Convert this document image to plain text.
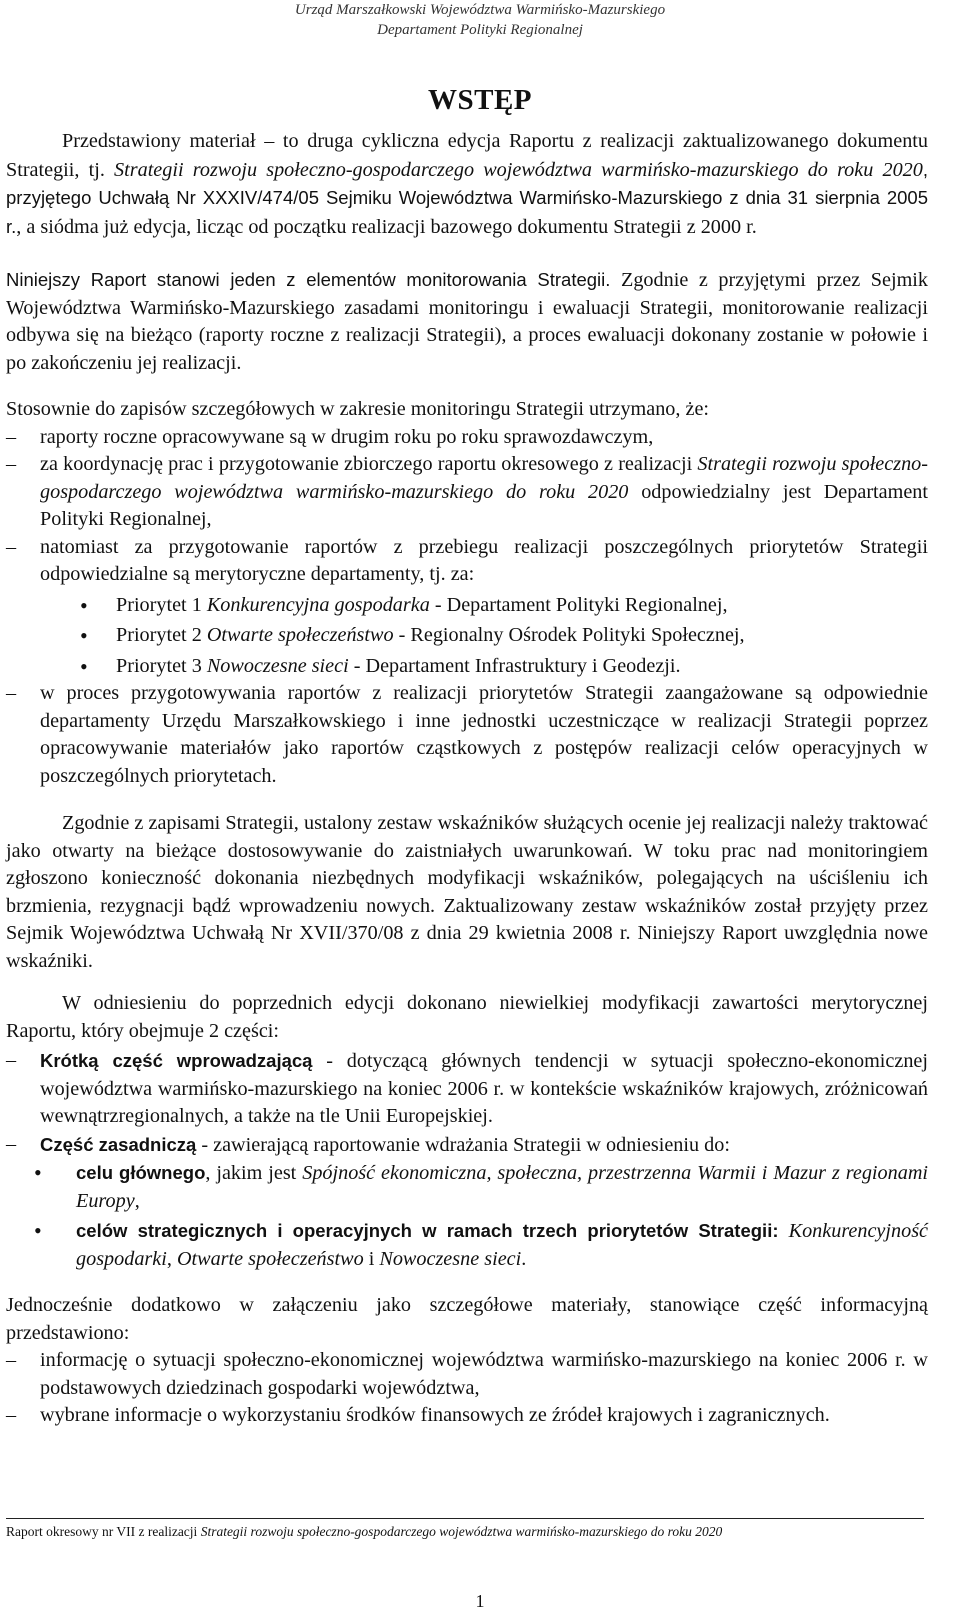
Urząd Marszałkowski Województwa Warmińsko-Mazurskiego
Departament Polityki Regionalnej
WSTĘP

Przedstawiony materiał – to druga cykliczna edycja Raportu z realizacji zaktualizowanego dokumentu Strategii, tj. Strategii rozwoju społeczno-gospodarczego województwa warmińsko-mazurskiego do roku 2020, przyjętego Uchwałą Nr XXXIV/474/05 Sejmiku Województwa Warmińsko-Mazurskiego z dnia 31 sierpnia 2005 r., a siódma już edycja, licząc od początku realizacji bazowego dokumentu Strategii z 2000 r.

Niniejszy Raport stanowi jeden z elementów monitorowania Strategii. Zgodnie z przyjętymi przez Sejmik Województwa Warmińsko-Mazurskiego zasadami monitoringu i ewaluacji Strategii, monitorowanie realizacji odbywa się na bieżąco (raporty roczne z realizacji Strategii), a proces ewaluacji dokonany zostanie w połowie i po zakończeniu jej realizacji.

Stosownie do zapisów szczegółowych w zakresie monitoringu Strategii utrzymano, że:

– raporty roczne opracowywane są w drugim roku po roku sprawozdawczym,

– za koordynację prac i przygotowanie zbiorczego raportu okresowego z realizacji Strategii rozwoju społeczno-gospodarczego województwa warmińsko-mazurskiego do roku 2020 odpowiedzialny jest Departament Polityki Regionalnej,

– natomiast za przygotowanie raportów z przebiegu realizacji poszczególnych priorytetów Strategii odpowiedzialne są merytoryczne departamenty, tj. za:

• Priorytet 1 Konkurencyjna gospodarka - Departament Polityki Regionalnej,

• Priorytet 2 Otwarte społeczeństwo - Regionalny Ośrodek Polityki Społecznej,

• Priorytet 3 Nowoczesne sieci - Departament Infrastruktury i Geodezji.

– w proces przygotowywania raportów z realizacji priorytetów Strategii zaangażowane są odpowiednie departamenty Urzędu Marszałkowskiego i inne jednostki uczestniczące w realizacji Strategii poprzez opracowywanie materiałów jako raportów cząstkowych z postępów realizacji celów operacyjnych w poszczególnych priorytetach.

Zgodnie z zapisami Strategii, ustalony zestaw wskaźników służących ocenie jej realizacji należy traktować jako otwarty na bieżące dostosowywanie do zaistniałych uwarunkowań. W toku prac nad monitoringiem zgłoszono konieczność dokonania niezbędnych modyfikacji wskaźników, polegających na uściśleniu ich brzmienia, rezygnacji bądź wprowadzeniu nowych. Zaktualizowany zestaw wskaźników został przyjęty przez Sejmik Województwa Uchwałą Nr XVII/370/08 z dnia 29 kwietnia 2008 r. Niniejszy Raport uwzględnia nowe wskaźniki.

W odniesieniu do poprzednich edycji dokonano niewielkiej modyfikacji zawartości merytorycznej Raportu, który obejmuje 2 części:

– Krótką część wprowadzającą - dotyczącą głównych tendencji w sytuacji społeczno-ekonomicznej województwa warmińsko-mazurskiego na koniec 2006 r. w kontekście wskaźników krajowych, zróżnicowań wewnątrzregionalnych, a także na tle Unii Europejskiej.

– Część zasadniczą - zawierającą raportowanie wdrażania Strategii w odniesieniu do:

• celu głównego, jakim jest Spójność ekonomiczna, społeczna, przestrzenna Warmii i Mazur z regionami Europy,

• celów strategicznych i operacyjnych w ramach trzech priorytetów Strategii: Konkurencyjność gospodarki, Otwarte społeczeństwo i Nowoczesne sieci.

Jednocześnie dodatkowo w załączeniu jako szczegółowe materiały, stanowiące część informacyjną przedstawiono:

– informację o sytuacji społeczno-ekonomicznej województwa warmińsko-mazurskiego na koniec 2006 r. w podstawowych dziedzinach gospodarki województwa,

– wybrane informacje o wykorzystaniu środków finansowych ze źródeł krajowych i zagranicznych.

Raport okresowy nr VII z realizacji Strategii rozwoju społeczno-gospodarczego województwa warmińsko-mazurskiego do roku 2020
1
